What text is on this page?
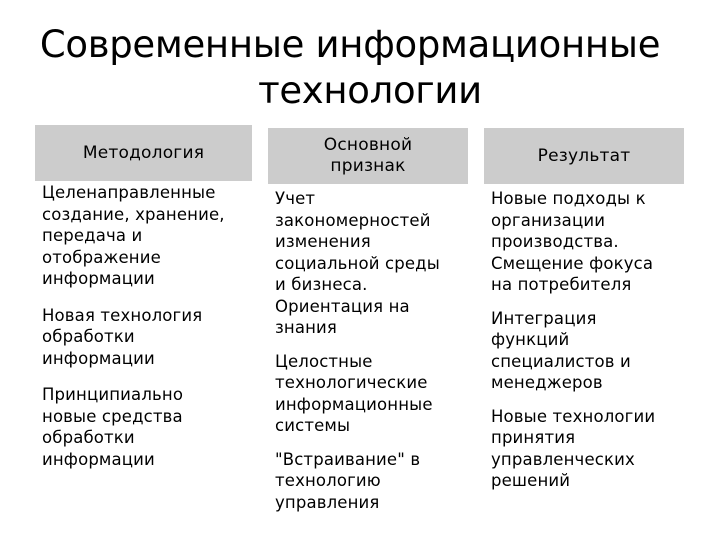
Современные информационные
технологии
Методология
Целенаправленные
создание, хранение,
передача и
отображение
информации
Новая технология
обработки
информации
Принципиально
новые средства
обработки
информации
Основной
признак
Учет
закономерностей
изменения
социальной среды
и бизнеса.
Ориентация на
знания
Целостные
технологические
информационные
системы
"Встраивание" в
технологию
управления
Результат
Новые подходы к
организации
производства.
Смещение фокуса
на потребителя
Интеграция
функций
специалистов и
менеджеров
Новые технологии
принятия
управленческих
решений
